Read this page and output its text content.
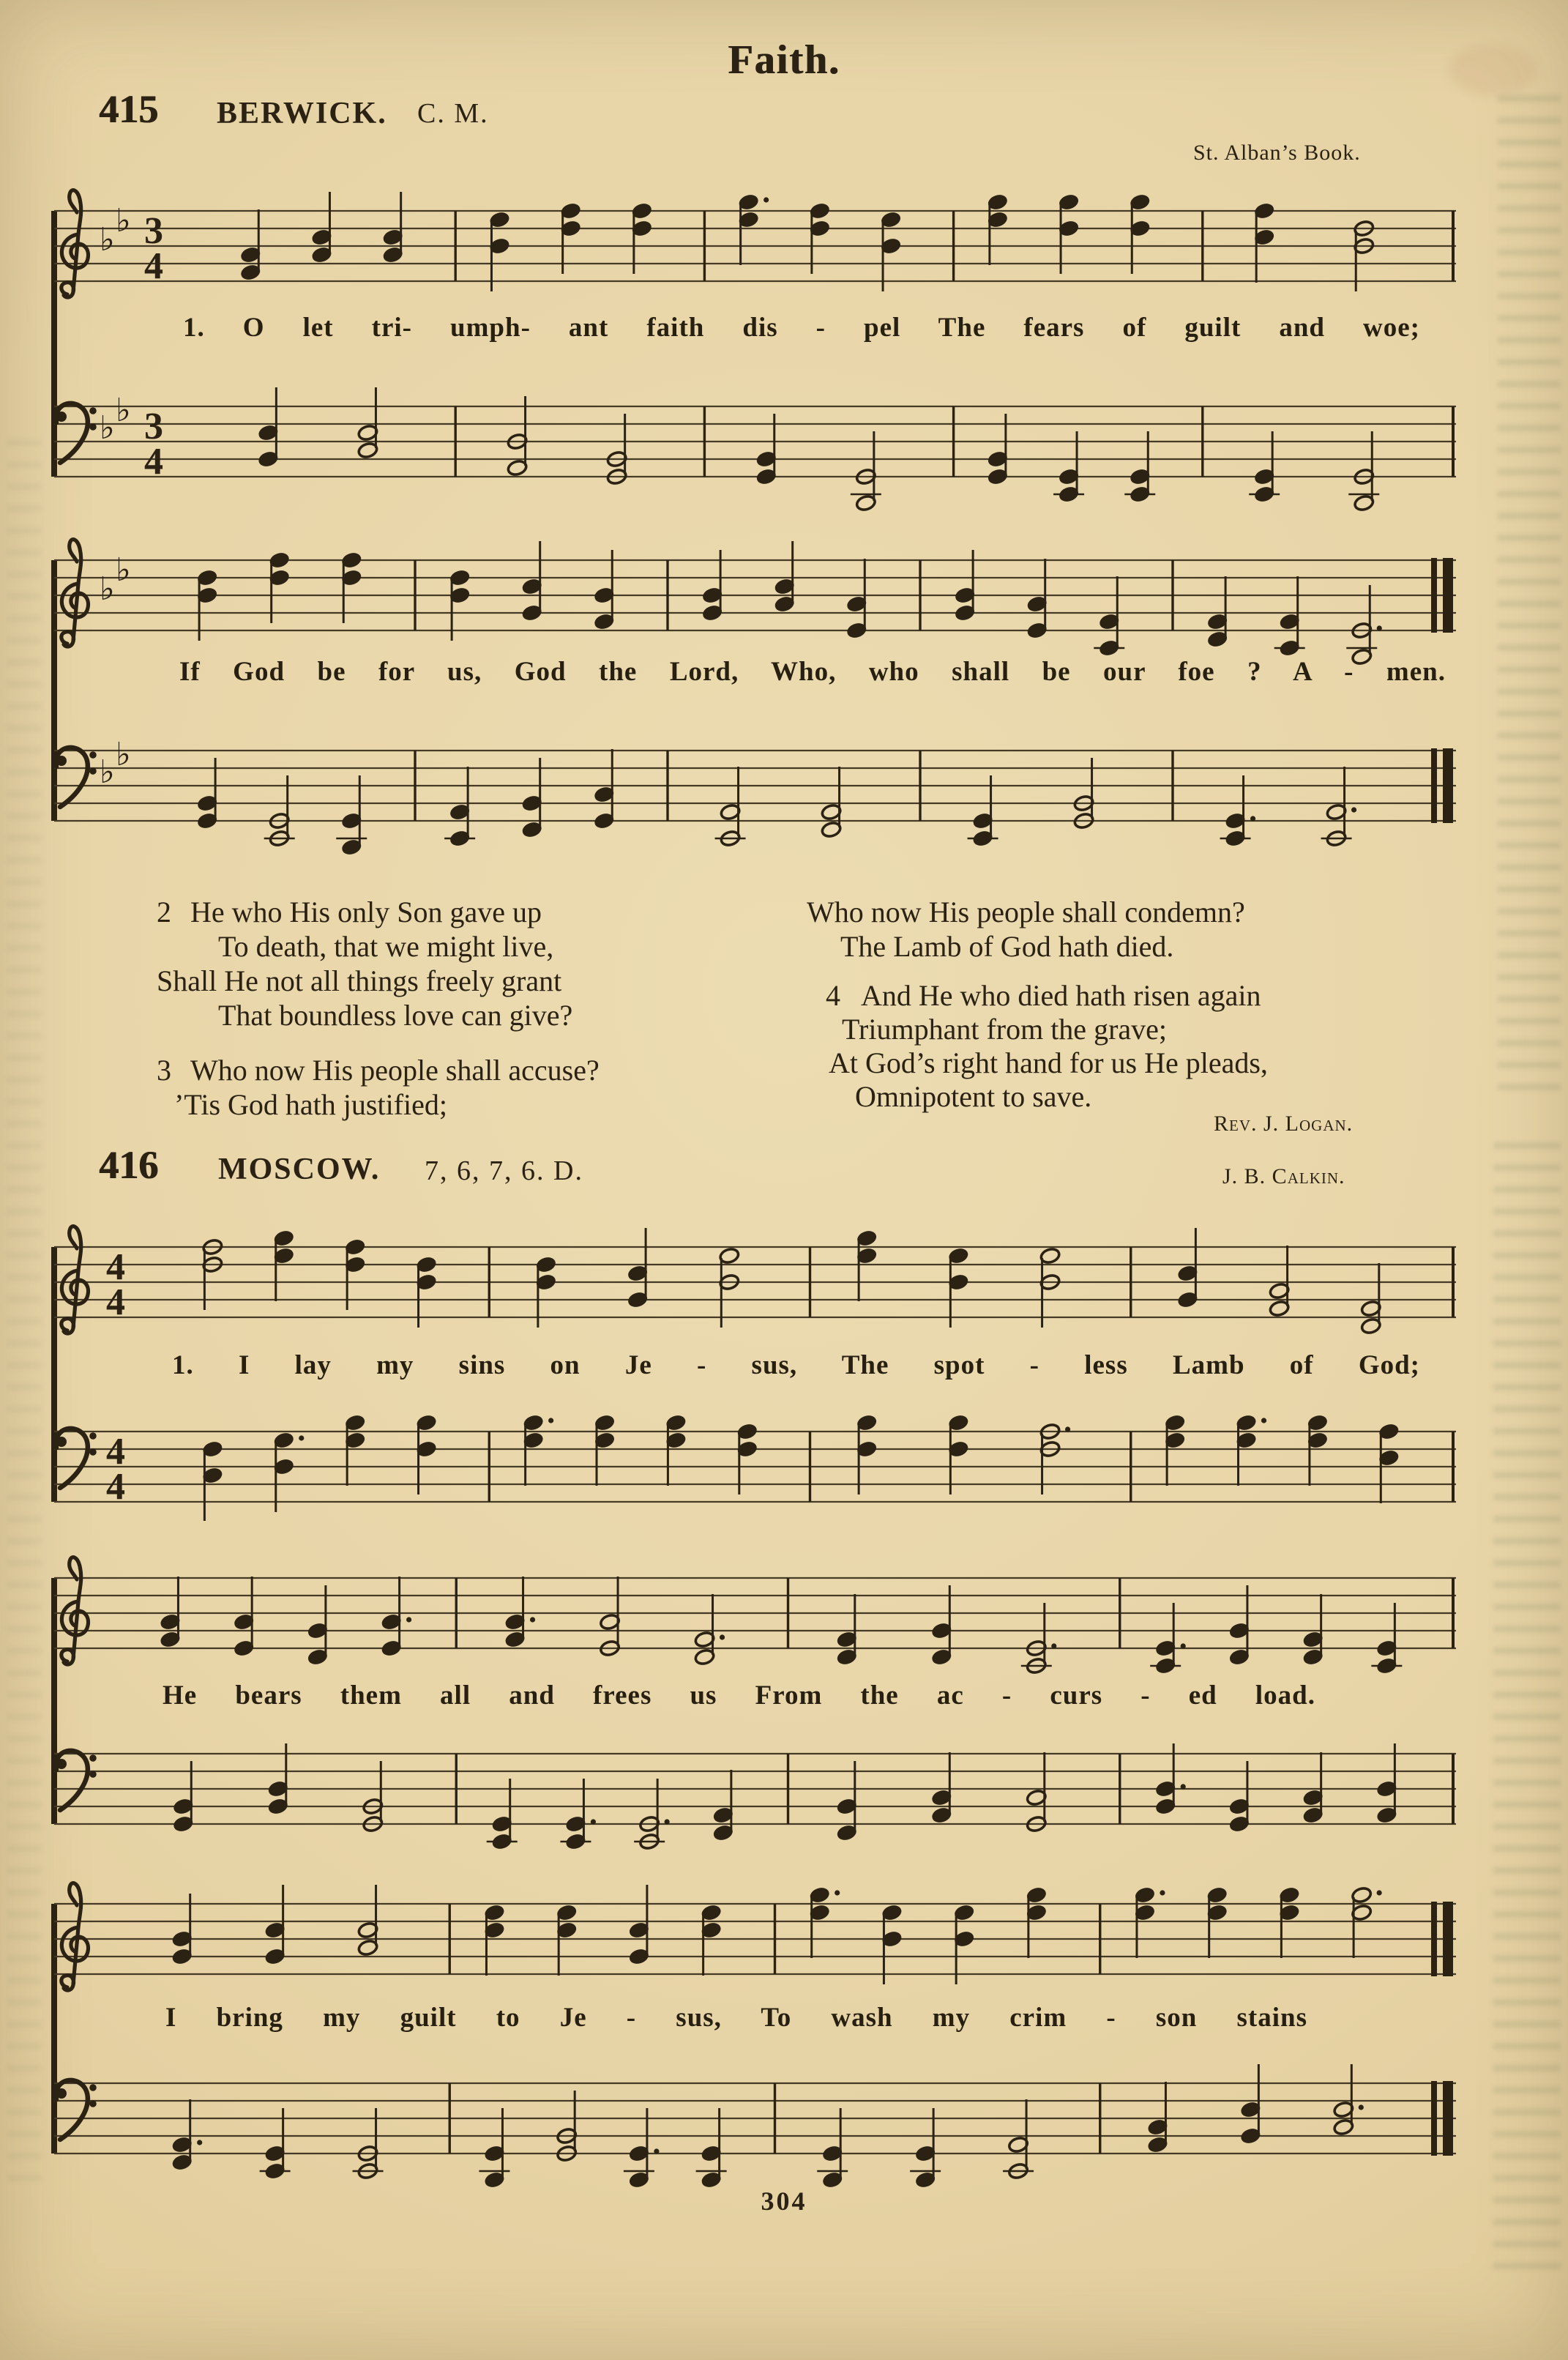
Faith.
415 BERWICK. C. M.
St. Alban’s Book.
♭
♭ 3
4
1. O let tri- umph- ant faith dis - pel The fears of guilt and woe;
♭ ♭ 3
4
♭
♭
If God be for us, God the Lord, Who, who shall be our foe ? A - men.
♭ ♭
2 He who His only Son gave up
To death, that we might live,
Shall He not all things freely grant
That boundless love can give?
3 Who now His people shall accuse?
’Tis God hath justified;
Who now His people shall condemn?
The Lamb of God hath died.
4 And He who died hath risen again
Triumphant from the grave;
At God’s right hand for us He pleads,
Omnipotent to save.
Rev. J. Logan.
416 MOSCOW. 7, 6, 7, 6. D.	J. B. Calkin.
4
4
1. I lay my sins on Je - sus, The spot - less Lamb of God;
4
4
He bears them all and frees us From the ac - curs - ed load.
I bring my guilt to Je - sus, To wash my crim - son stains
304
